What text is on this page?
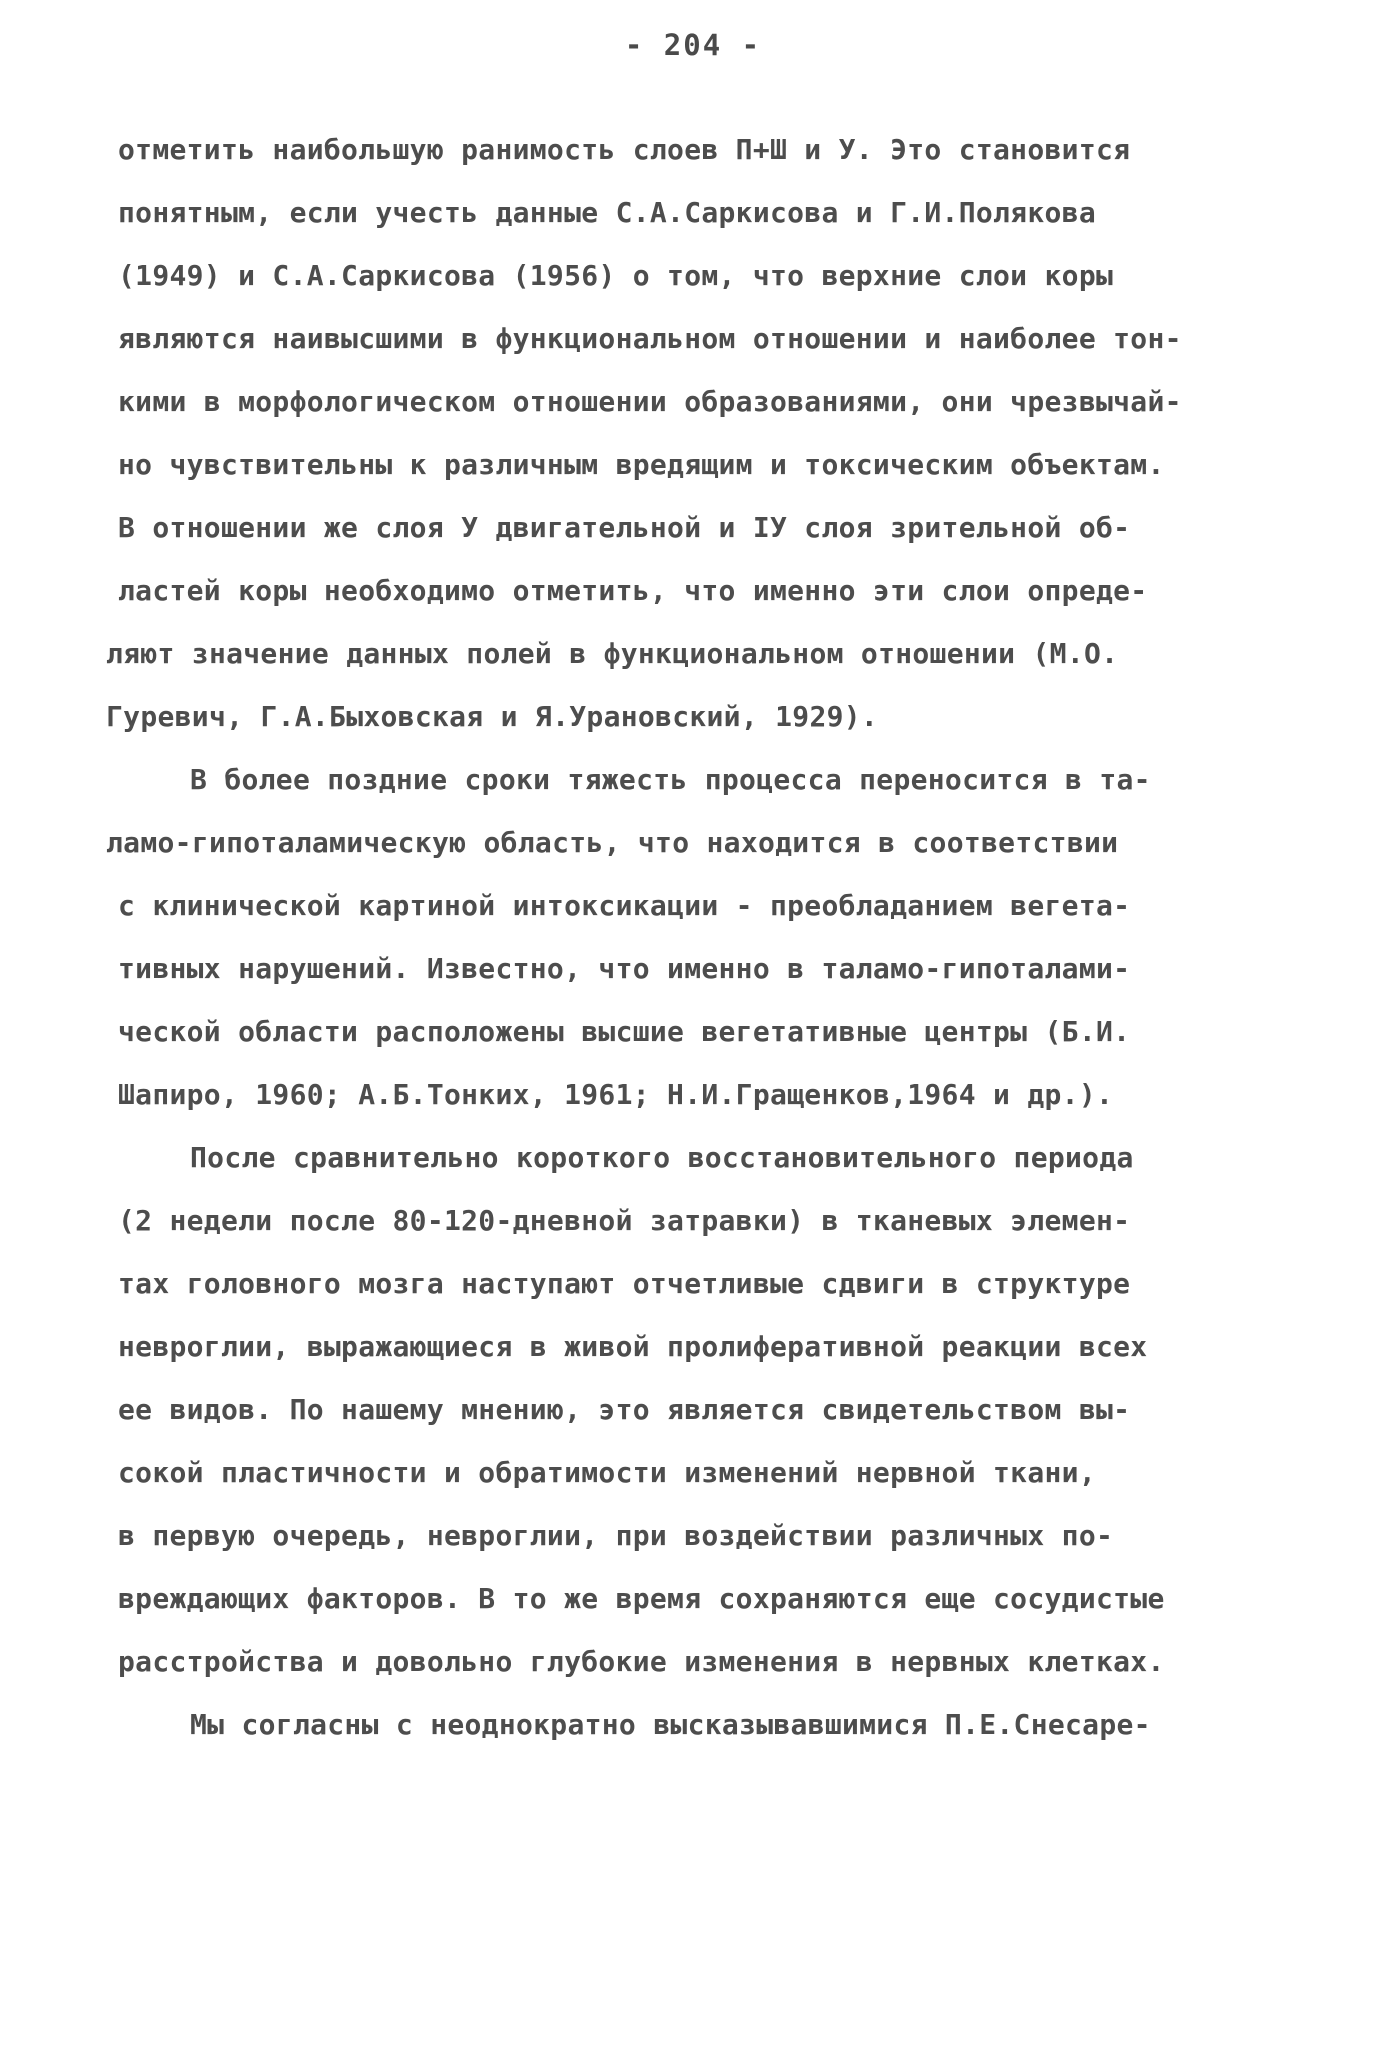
- 204 -
отметить наибольшую ранимость слоев П+Ш и У. Это становится
понятным, если учесть данные С.А.Саркисова и Г.И.Полякова
(1949) и С.А.Саркисова (1956) о том, что верхние слои коры
являются наивысшими в функциональном отношении и наиболее тон-
кими в морфологическом отношении образованиями, они чрезвычай-
но чувствительны к различным вредящим и токсическим объектам.
В отношении же слоя У двигательной и IУ слоя зрительной об-
ластей коры необходимо отметить, что именно эти слои опреде-
ляют значение данных полей в функциональном отношении (М.О.
Гуревич, Г.А.Быховская и Я.Урановский, 1929).
В более поздние сроки тяжесть процесса переносится в та-
ламо-гипоталамическую область, что находится в соответствии
с клинической картиной интоксикации - преобладанием вегета-
тивных нарушений. Известно, что именно в таламо-гипоталами-
ческой области расположены высшие вегетативные центры (Б.И.
Шапиро, 1960; А.Б.Тонких, 1961; Н.И.Гращенков,1964 и др.).
После сравнительно короткого восстановительного периода
(2 недели после 80-120-дневной затравки) в тканевых элемен-
тах головного мозга наступают отчетливые сдвиги в структуре
невроглии, выражающиеся в живой пролиферативной реакции всех
ее видов. По нашему мнению, это является свидетельством вы-
сокой пластичности и обратимости изменений нервной ткани,
в первую очередь, невроглии, при воздействии различных по-
вреждающих факторов. В то же время сохраняются еще сосудистые
расстройства и довольно глубокие изменения в нервных клетках.
Мы согласны с неоднократно высказывавшимися П.Е.Снесаре-
